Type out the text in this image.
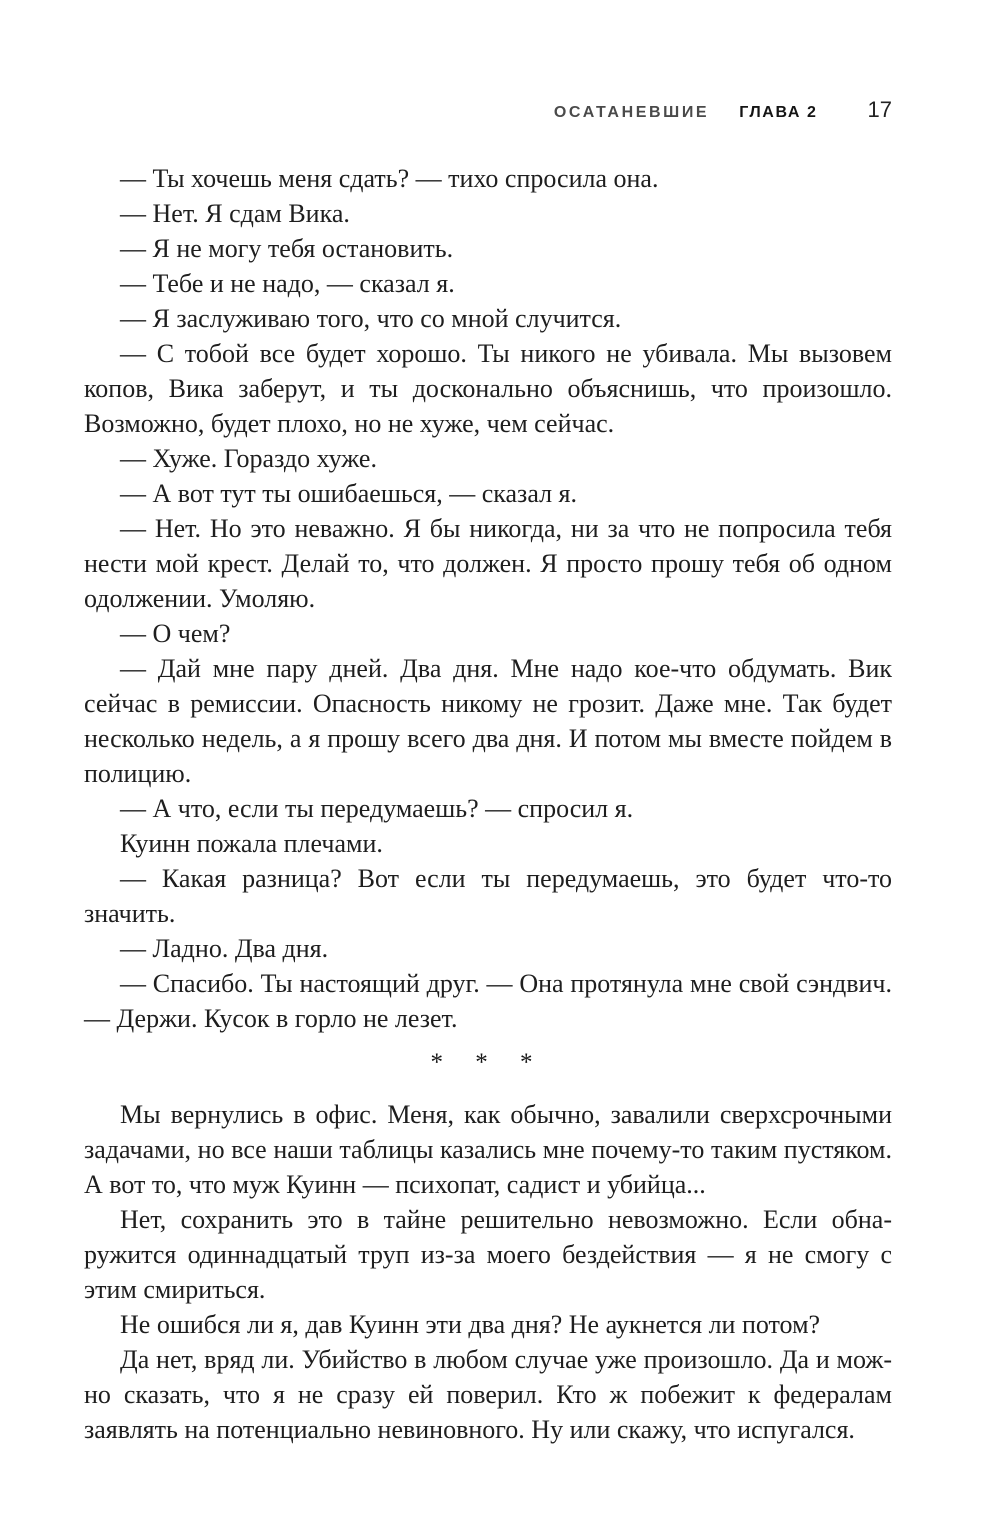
ОСАТАНЕВШИЕ ГЛАВА 2 17

— Ты хочешь меня сдать? — тихо спросила она.

— Нет. Я сдам Вика.

— Я не могу тебя остановить.

— Тебе и не надо, — сказал я.

— Я заслуживаю того, что со мной случится.

— С тобой все будет хорошо. Ты никого не убивала. Мы вызовем копов, Вика заберут, и ты досконально объяснишь, что произошло. Возможно, будет плохо, но не хуже, чем сейчас.

— Хуже. Гораздо хуже.

— А вот тут ты ошибаешься, — сказал я.

— Нет. Но это неважно. Я бы никогда, ни за что не попросила тебя нести мой крест. Делай то, что должен. Я просто прошу тебя об одном одолжении. Умоляю.

— О чем?

— Дай мне пару дней. Два дня. Мне надо кое-что обдумать. Вик сейчас в ремиссии. Опасность никому не грозит. Даже мне. Так будет несколько недель, а я прошу всего два дня. И потом мы вместе пойдем в полицию.

— А что, если ты передумаешь? — спросил я.

Куинн пожала плечами.

— Какая разница? Вот если ты передумаешь, это будет что-то значить.

— Ладно. Два дня.

— Спасибо. Ты настоящий друг. — Она протянула мне свой сэндвич. — Держи. Кусок в горло не лезет.

* * *

Мы вернулись в офис. Меня, как обычно, завалили сверхсрочными задачами, но все наши таблицы казались мне почему-то таким пустяком. А вот то, что муж Куинн — психопат, садист и убийца...

Нет, сохранить это в тайне решительно невозможно. Если обнаружится одиннадцатый труп из-за моего бездействия — я не смогу с этим смириться.

Не ошибся ли я, дав Куинн эти два дня? Не аукнется ли потом?

Да нет, вряд ли. Убийство в любом случае уже произошло. Да и можно сказать, что я не сразу ей поверил. Кто ж побежит к федералам заявлять на потенциально невиновного. Ну или скажу, что испугался.
